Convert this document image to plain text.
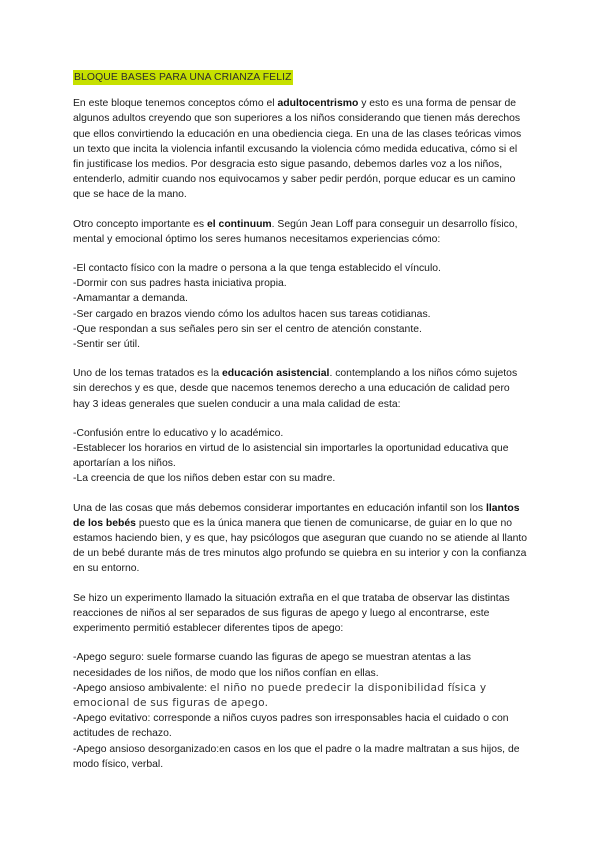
BLOQUE BASES PARA UNA CRIANZA FELIZ

En este bloque tenemos conceptos cómo el adultocentrismo y esto es una forma de pensar de algunos adultos creyendo que son superiores a los niños considerando que tienen más derechos que ellos convirtiendo la educación en una obediencia ciega. En una de las clases teóricas vimos un texto que incita la violencia infantil excusando la violencia cómo medida educativa, cómo si el fin justificase los medios. Por desgracia esto sigue pasando, debemos darles voz a los niños, entenderlo, admitir cuando nos equivocamos y saber pedir perdón, porque educar es un camino que se hace de la mano.

Otro concepto importante es el continuum. Según Jean Loff para conseguir un desarrollo físico, mental y emocional óptimo los seres humanos necesitamos experiencias cómo:

-El contacto físico con la madre o persona a la que tenga establecido el vínculo.
-Dormir con sus padres hasta iniciativa propia.
-Amamantar a demanda.
-Ser cargado en brazos viendo cómo los adultos hacen sus tareas cotidianas.
-Que respondan a sus señales pero sin ser el centro de atención constante.
-Sentir ser útil.

Uno de los temas tratados es la educación asistencial. contemplando a los niños cómo sujetos sin derechos y es que, desde que nacemos tenemos derecho a una educación de calidad pero hay 3 ideas generales que suelen conducir a una mala calidad de esta:

-Confusión entre lo educativo y lo académico.
-Establecer los horarios en virtud de lo asistencial sin importarles la oportunidad educativa que aportarían a los niños.
-La creencia de que los niños deben estar con su madre.

Una de las cosas que más debemos considerar importantes en educación infantil son los llantos de los bebés puesto que es la única manera que tienen de comunicarse, de guiar en lo que no estamos haciendo bien, y es que, hay psicólogos que aseguran que cuando no se atiende al llanto de un bebé durante más de tres minutos algo profundo se quiebra en su interior y con la confianza en su entorno.

Se hizo un experimento llamado la situación extraña en el que trataba de observar las distintas reacciones de niños al ser separados de sus figuras de apego y luego al encontrarse, este experimento permitió establecer diferentes tipos de apego:

-Apego seguro: suele formarse cuando las figuras de apego se muestran atentas a las necesidades de los niños, de modo que los niños confían en ellas.
-Apego ansioso ambivalente: el niño no puede predecir la disponibilidad física y emocional de sus figuras de apego.
-Apego evitativo: corresponde a niños cuyos padres son irresponsables hacia el cuidado o con actitudes de rechazo.
-Apego ansioso desorganizado:en casos en los que el padre o la madre maltratan a sus hijos, de modo físico, verbal.
